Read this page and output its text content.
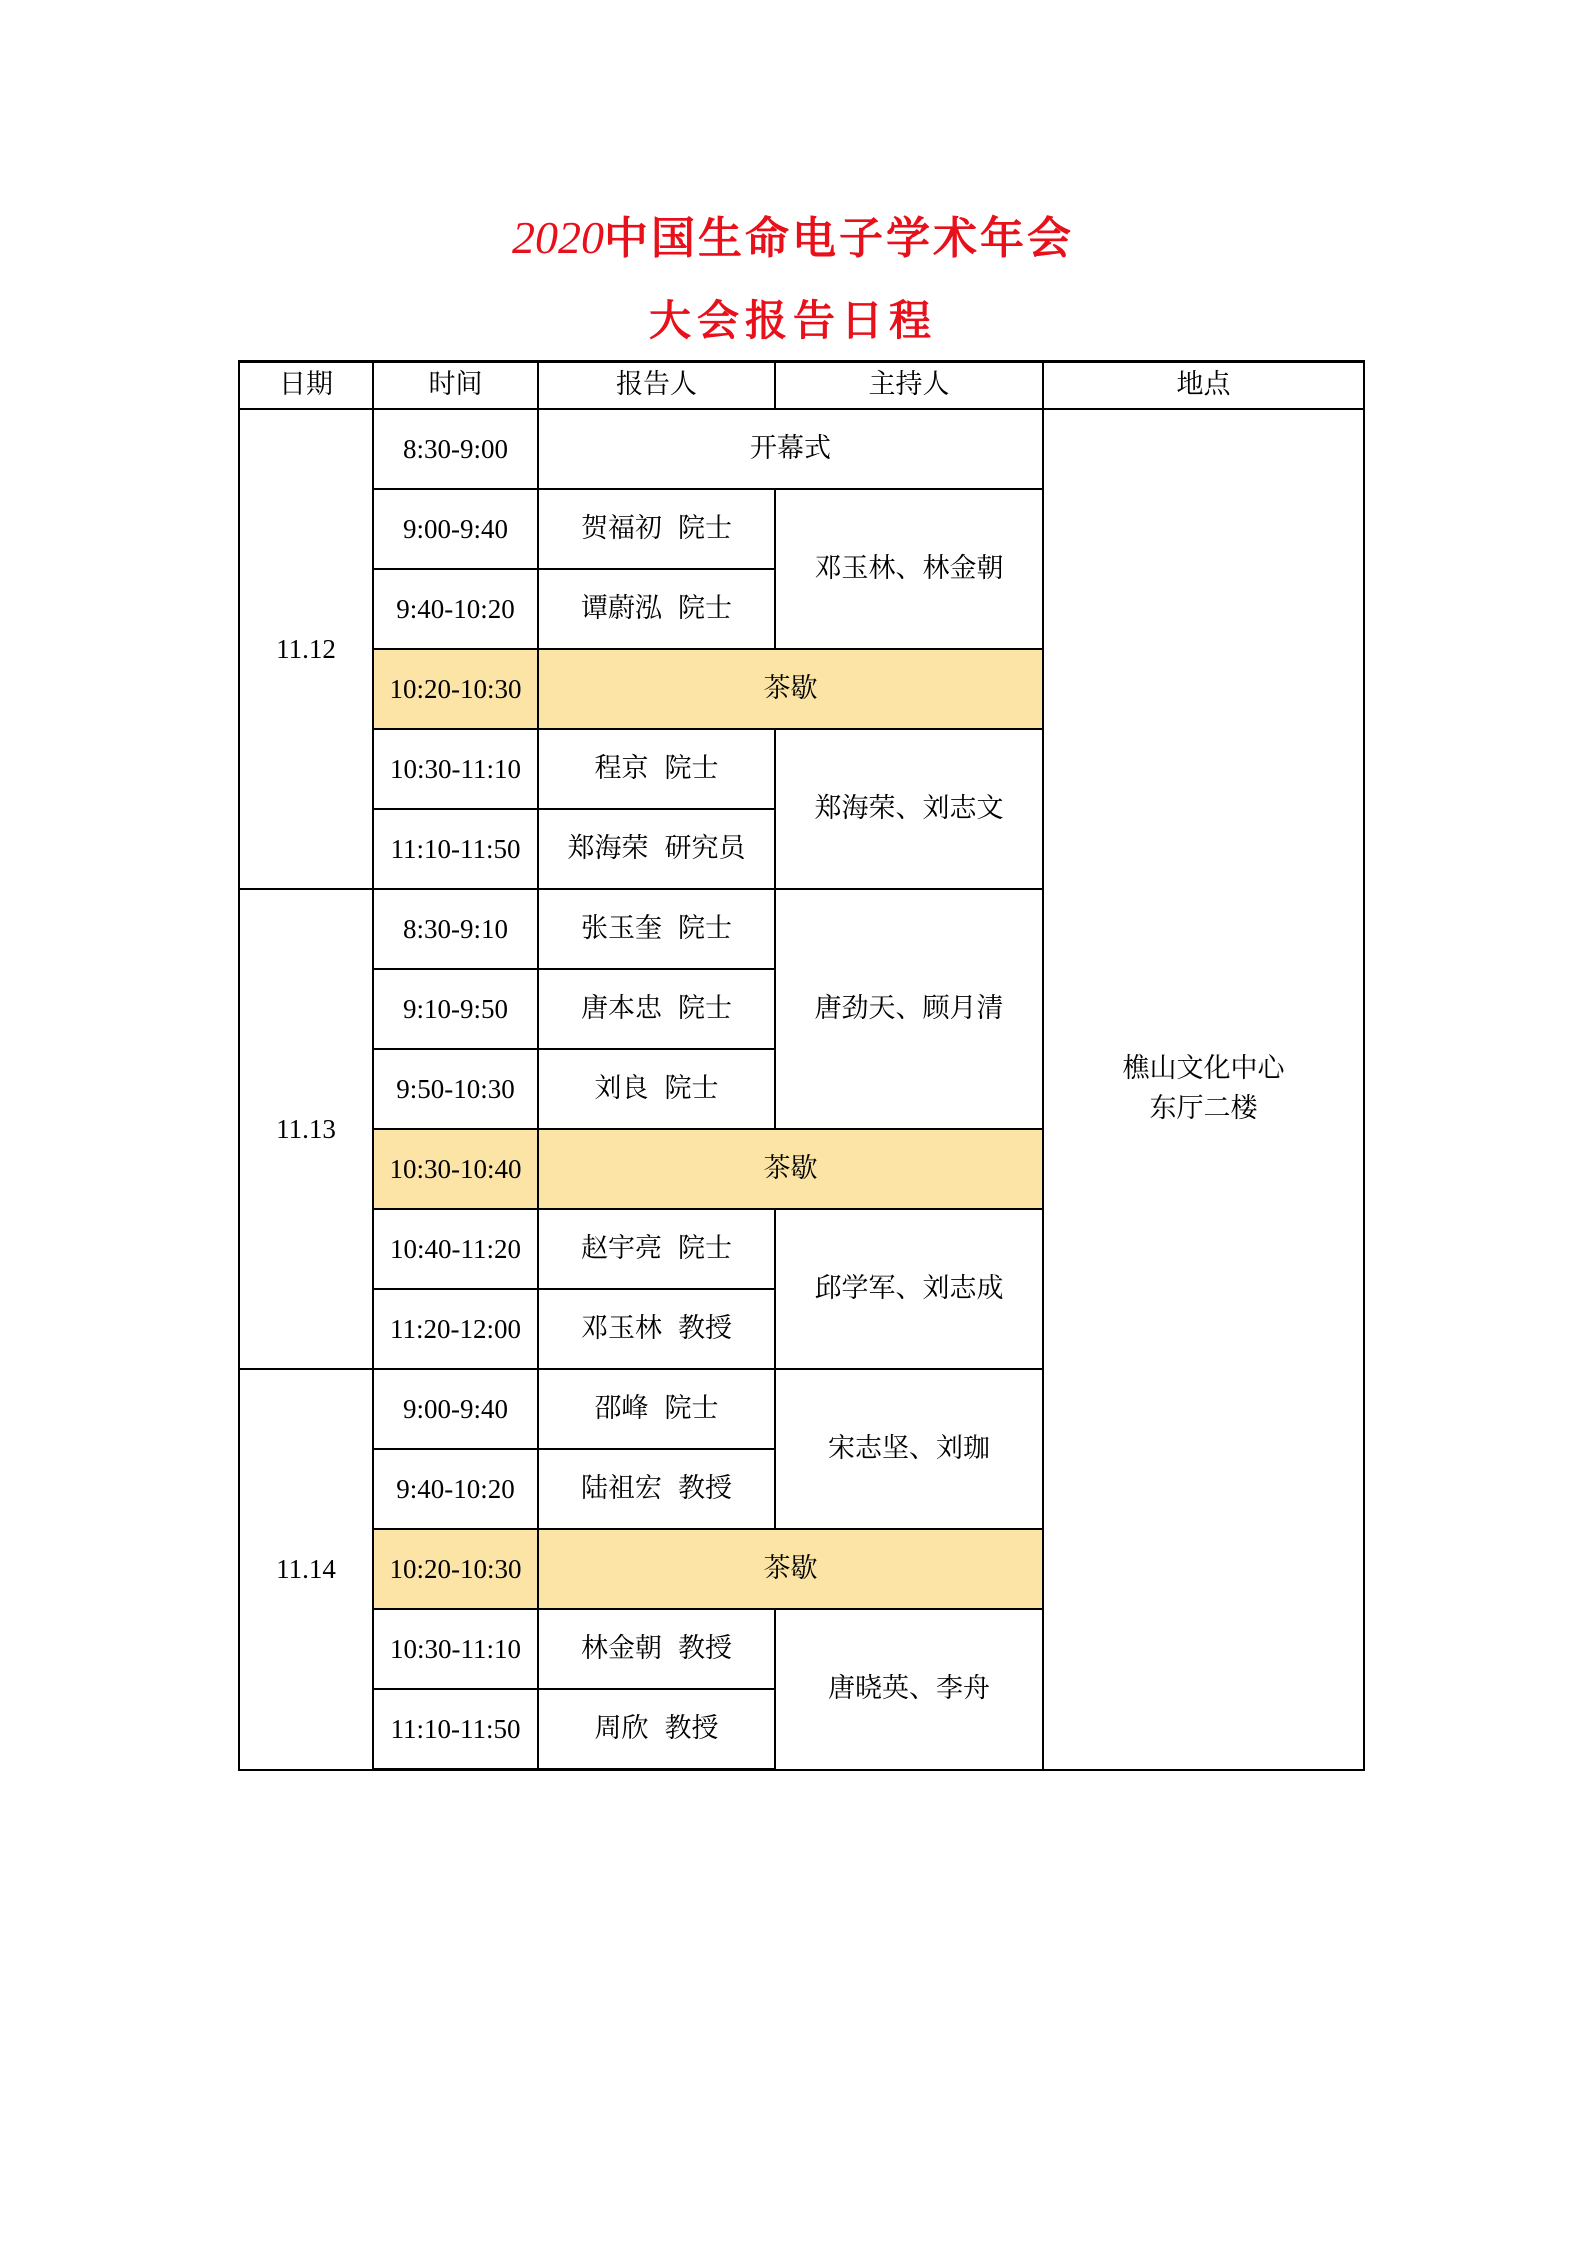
2020中国生命电子学术年会
大会报告日程
日期	时间	报告人	主持人	地点
11.12	8:30-9:00	开幕式		樵山文化中心
东厅二楼

	9:00-9:40	贺福初 院士	邓玉林、林金朝	
	9:40-10:20	谭蔚泓 院士		
	10:20-10:30	茶歇		
	10:30-11:10	程京 院士	郑海荣、刘志文	
	11:10-11:50	郑海荣 研究员		
11.13	8:30-9:10	张玉奎 院士	唐劲天、顾月清	
	9:10-9:50	唐本忠 院士		
	9:50-10:30	刘良 院士		
	10:30-10:40	茶歇		
	10:40-11:20	赵宇亮 院士	邱学军、刘志成	
	11:20-12:00	邓玉林 教授		
11.14	9:00-9:40	邵峰 院士	宋志坚、刘珈	
	9:40-10:20	陆祖宏 教授		
	10:20-10:30	茶歇		
	10:30-11:10	林金朝 教授	唐晓英、李舟	
	11:10-11:50	周欣 教授		
